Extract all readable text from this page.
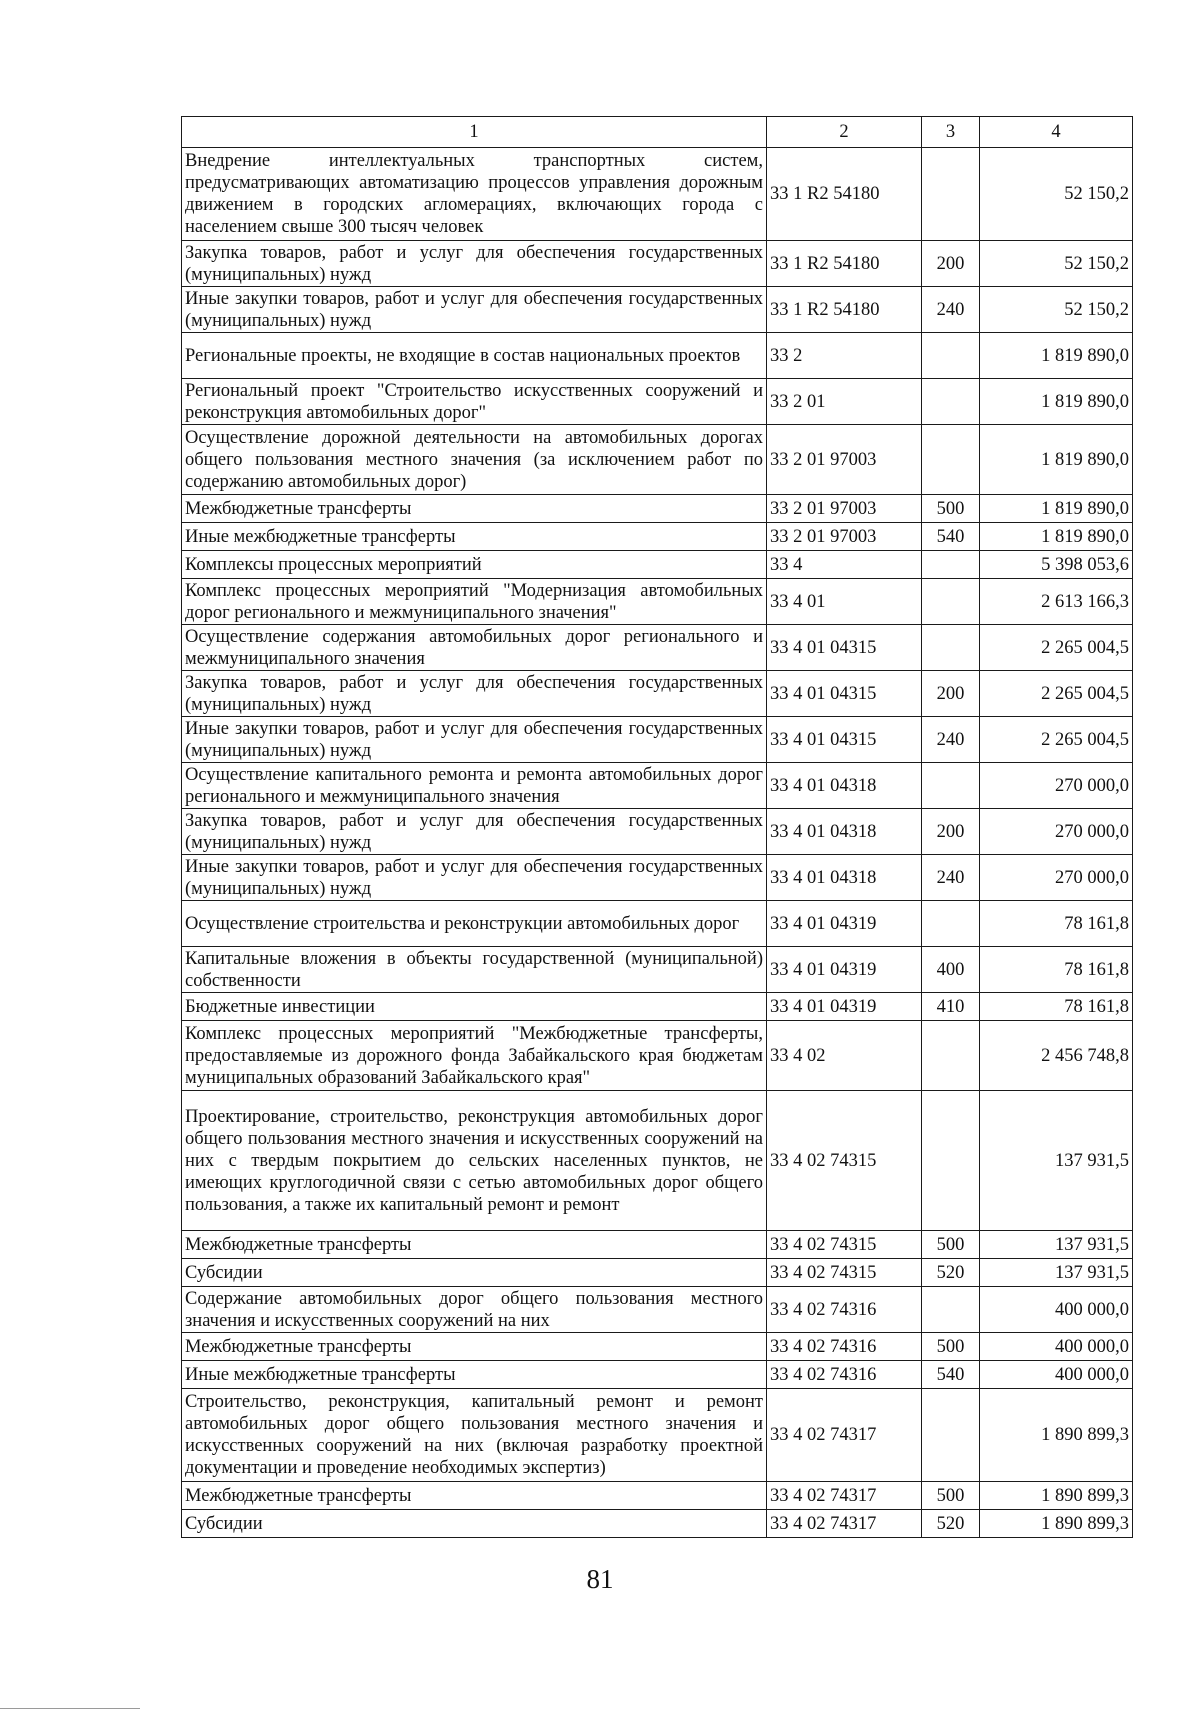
1	2	3	4
Внедрение интеллектуальных транспортных систем, предусматривающих автоматизацию процессов управления дорожным движением в городских агломерациях, включающих города с населением свыше 300 тысяч человек	33 1 R2 54180		52 150,2
Закупка товаров, работ и услуг для обеспечения государственных (муниципальных) нужд	33 1 R2 54180	200	52 150,2
Иные закупки товаров, работ и услуг для обеспечения государственных (муниципальных) нужд	33 1 R2 54180	240	52 150,2
Региональные проекты, не входящие в состав национальных проектов	33 2		1 819 890,0
Региональный проект "Строительство искусственных сооружений и реконструкция автомобильных дорог"	33 2 01		1 819 890,0
Осуществление дорожной деятельности на автомобильных дорогах общего пользования местного значения (за исключением работ по содержанию автомобильных дорог)	33 2 01 97003		1 819 890,0
Межбюджетные трансферты	33 2 01 97003	500	1 819 890,0
Иные межбюджетные трансферты	33 2 01 97003	540	1 819 890,0
Комплексы процессных мероприятий	33 4		5 398 053,6
Комплекс процессных мероприятий "Модернизация автомобильных дорог регионального и межмуниципального значения"	33 4 01		2 613 166,3
Осуществление содержания автомобильных дорог регионального и межмуниципального значения	33 4 01 04315		2 265 004,5
Закупка товаров, работ и услуг для обеспечения государственных (муниципальных) нужд	33 4 01 04315	200	2 265 004,5
Иные закупки товаров, работ и услуг для обеспечения государственных (муниципальных) нужд	33 4 01 04315	240	2 265 004,5
Осуществление капитального ремонта и ремонта автомобильных дорог регионального и межмуниципального значения	33 4 01 04318		270 000,0
Закупка товаров, работ и услуг для обеспечения государственных (муниципальных) нужд	33 4 01 04318	200	270 000,0
Иные закупки товаров, работ и услуг для обеспечения государственных (муниципальных) нужд	33 4 01 04318	240	270 000,0
Осуществление строительства и реконструкции автомобильных дорог	33 4 01 04319		78 161,8
Капитальные вложения в объекты государственной (муниципальной) собственности	33 4 01 04319	400	78 161,8
Бюджетные инвестиции	33 4 01 04319	410	78 161,8
Комплекс процессных мероприятий "Межбюджетные трансферты, предоставляемые из дорожного фонда Забайкальского края бюджетам муниципальных образований Забайкальского края"	33 4 02		2 456 748,8
Проектирование, строительство, реконструкция автомобильных дорог общего пользования местного значения и искусственных сооружений на них с твердым покрытием до сельских населенных пунктов, не имеющих круглогодичной связи с сетью автомобильных дорог общего пользования, а также их капитальный ремонт и ремонт	33 4 02 74315		137 931,5
Межбюджетные трансферты	33 4 02 74315	500	137 931,5
Субсидии	33 4 02 74315	520	137 931,5
Содержание автомобильных дорог общего пользования местного значения и искусственных сооружений на них	33 4 02 74316		400 000,0
Межбюджетные трансферты	33 4 02 74316	500	400 000,0
Иные межбюджетные трансферты	33 4 02 74316	540	400 000,0
Строительство, реконструкция, капитальный ремонт и ремонт автомобильных дорог общего пользования местного значения и искусственных сооружений на них (включая разработку проектной документации и проведение необходимых экспертиз)	33 4 02 74317		1 890 899,3
Межбюджетные трансферты	33 4 02 74317	500	1 890 899,3
Субсидии	33 4 02 74317	520	1 890 899,3
81
